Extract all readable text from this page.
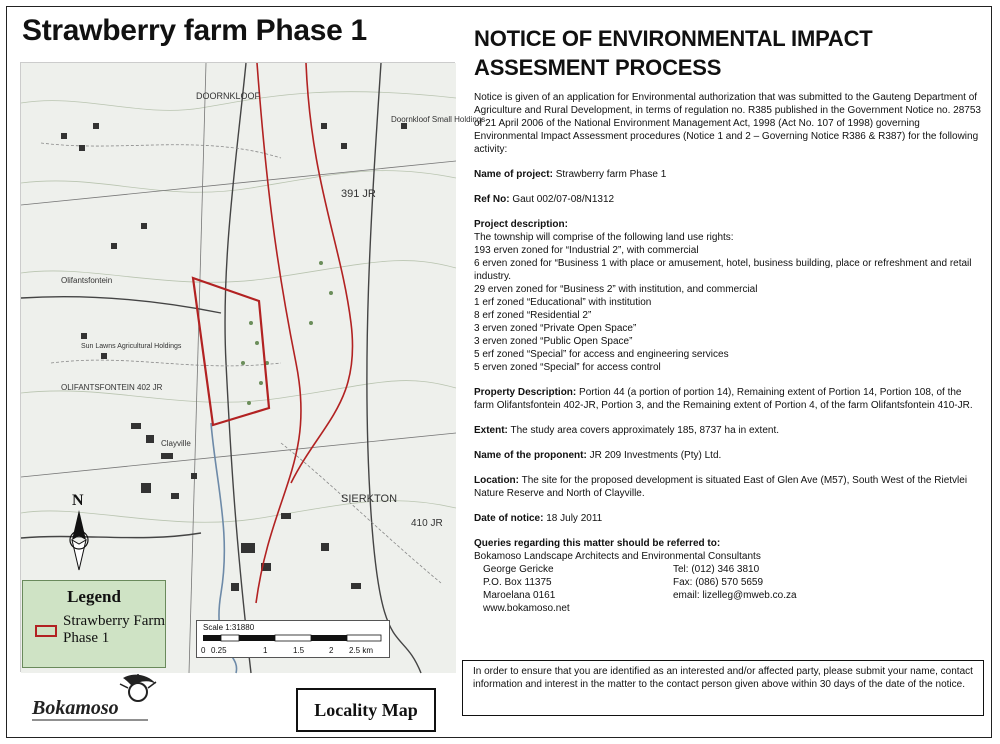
Strawberry farm Phase 1
Doornkloof Small Holdings
DOORNKLOOF
391 JR
Olifantsfontein
OLIFANTSFONTEIN 402 JR
Clayville
SIERKTON
410 JR
Sun Lawns Agricultural Holdings
N
Legend
Strawberry Farm Phase 1
Scale 1:31880
0 0.25	1	1.5	2 2.5 km
Bokamoso	Locality Map
NOTICE OF ENVIRONMENTAL IMPACT
ASSESMENT PROCESS

Notice is given of an application for Environmental authorization that was submitted to the Gauteng Department of Agriculture and Rural Development, in terms of regulation no. R385 published in the Government Notice no. 28753 of 21 April 2006 of the National Environment Management Act, 1998 (Act No. 107 of 1998) governing Environmental Impact Assessment procedures (Notice 1 and 2 – Governing Notice R386 & R387) for the following activity:

Name of project: Strawberry farm Phase 1

Ref No: Gaut 002/07-08/N1312

Project description:

The township will comprise of the following land use rights:

193 erven zoned for “Industrial 2”, with commercial

6 erven zoned for “Business 1 with place or amusement, hotel, business building, place or refreshment and retail industry.

29 erven zoned for “Business 2” with institution, and commercial

1 erf zoned “Educational” with institution

8 erf zoned “Residential 2”

3 erven zoned “Private Open Space”

3 erven zoned “Public Open Space”

5 erf zoned “Special” for access and engineering services

5 erven zoned “Special” for access control

Property Description: Portion 44 (a portion of portion 14), Remaining extent of Portion 14, Portion 108, of the farm Olifantsfontein 402-JR, Portion 3, and the Remaining extent of Portion 4, of the farm Olifantsfontein 410-JR.

Extent: The study area covers approximately 185, 8737 ha in extent.

Name of the proponent: JR 209 Investments (Pty) Ltd.

Location: The site for the proposed development is situated East of Glen Ave (M57), South West of the Rietvlei Nature Reserve and North of Clayville.

Date of notice: 18 July 2011

Queries regarding this matter should be referred to:

Bokamoso Landscape Architects and Environmental Consultants

George Gericke	Tel: (012) 346 3810
P.O. Box 11375	Fax: (086) 570 5659
Maroelana 0161	email: lizelleg@mweb.co.za
www.bokamoso.net
In order to ensure that you are identified as an interested and/or affected party, please submit your name, contact information and interest in the matter to the contact person given above within 30 days of the date of the notice.
